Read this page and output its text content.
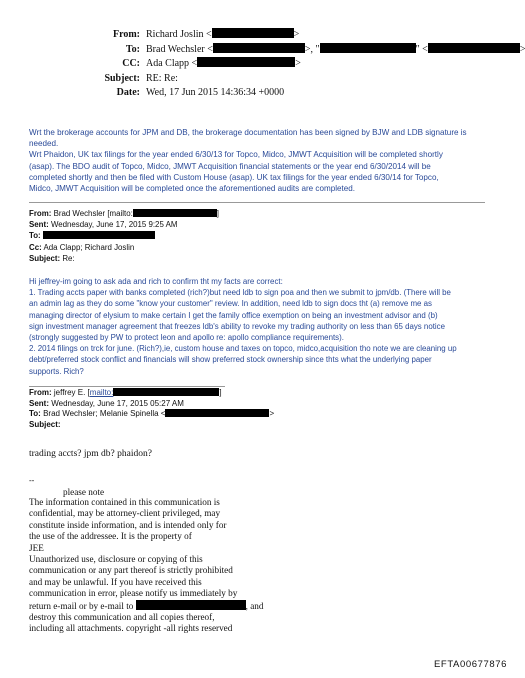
From: Richard Joslin <	>
To: Brad Wechsler <	>, "	" <	>
CC: Ada Clapp <	>
Subject: RE: Re:
Date: Wed, 17 Jun 2015 14:36:34 +0000

Wrt the brokerage accounts for JPM and DB, the brokerage documentation has been signed by BJW and LDB signature is

needed.

Wrt Phaidon, UK tax filings for the year ended 6/30/13 for Topco, Midco, JMWT Acquisition will be completed shortly

(asap). The BDO audit of Topco, Midco, JMWT Acquisition financial statements or the year end 6/30/2014 will be

completed shortly and then be filed with Custom House (asap). UK tax filings for the year ended 6/30/14 for Topco,

Midco, JMWT Acquisition will be completed once the aforementioned audits are completed.

From: Brad Wechsler [mailto:	]
Sent: Wednesday, June 17, 2015 9:25 AM
To:
Cc: Ada Clapp; Richard Joslin
Subject: Re:
Hi jeffrey-im going to ask ada and rich to confirm tht my facts are correct:
1. Trading accts paper with banks completed (rich?)but need ldb to sign poa and then we submit to jpm/db. (There will be
an admin lag as they do some "know your customer" review. In addition, need ldb to sign docs tht (a) remove me as
managing director of elysium to make certain I get the family office exemption on being an investment advisor and (b)
sign investment manager agreement that freezes ldb's ability to revoke my trading authority on less than 65 days notice
(strongly suggested by PW to protect leon and apollo re: apollo compliance requirements).
2. 2014 filings on trck for june. (Rich?),ie, custom house and taxes on topco, midco,acquisition tho note we are cleaning up
debt/preferred stock conflict and financials will show preferred stock ownership since thts what the underlying paper
supports. Rich?
From: jeffrey E. [mailto:	]
Sent: Wednesday, June 17, 2015 05:27 AM
To: Brad Wechsler; Melanie Spinella <	>
Subject:
trading accts? jpm db? phaidon?
--
please note
The information contained in this communication is
confidential, may be attorney-client privileged, may
constitute inside information, and is intended only for
the use of the addressee. It is the property of
JEE
Unauthorized use, disclosure or copying of this
communication or any part thereof is strictly prohibited
and may be unlawful. If you have received this
communication in error, please notify us immediately by
return e-mail or by e-mail to	, and
destroy this communication and all copies thereof,
including all attachments. copyright -all rights reserved
EFTA00677876
